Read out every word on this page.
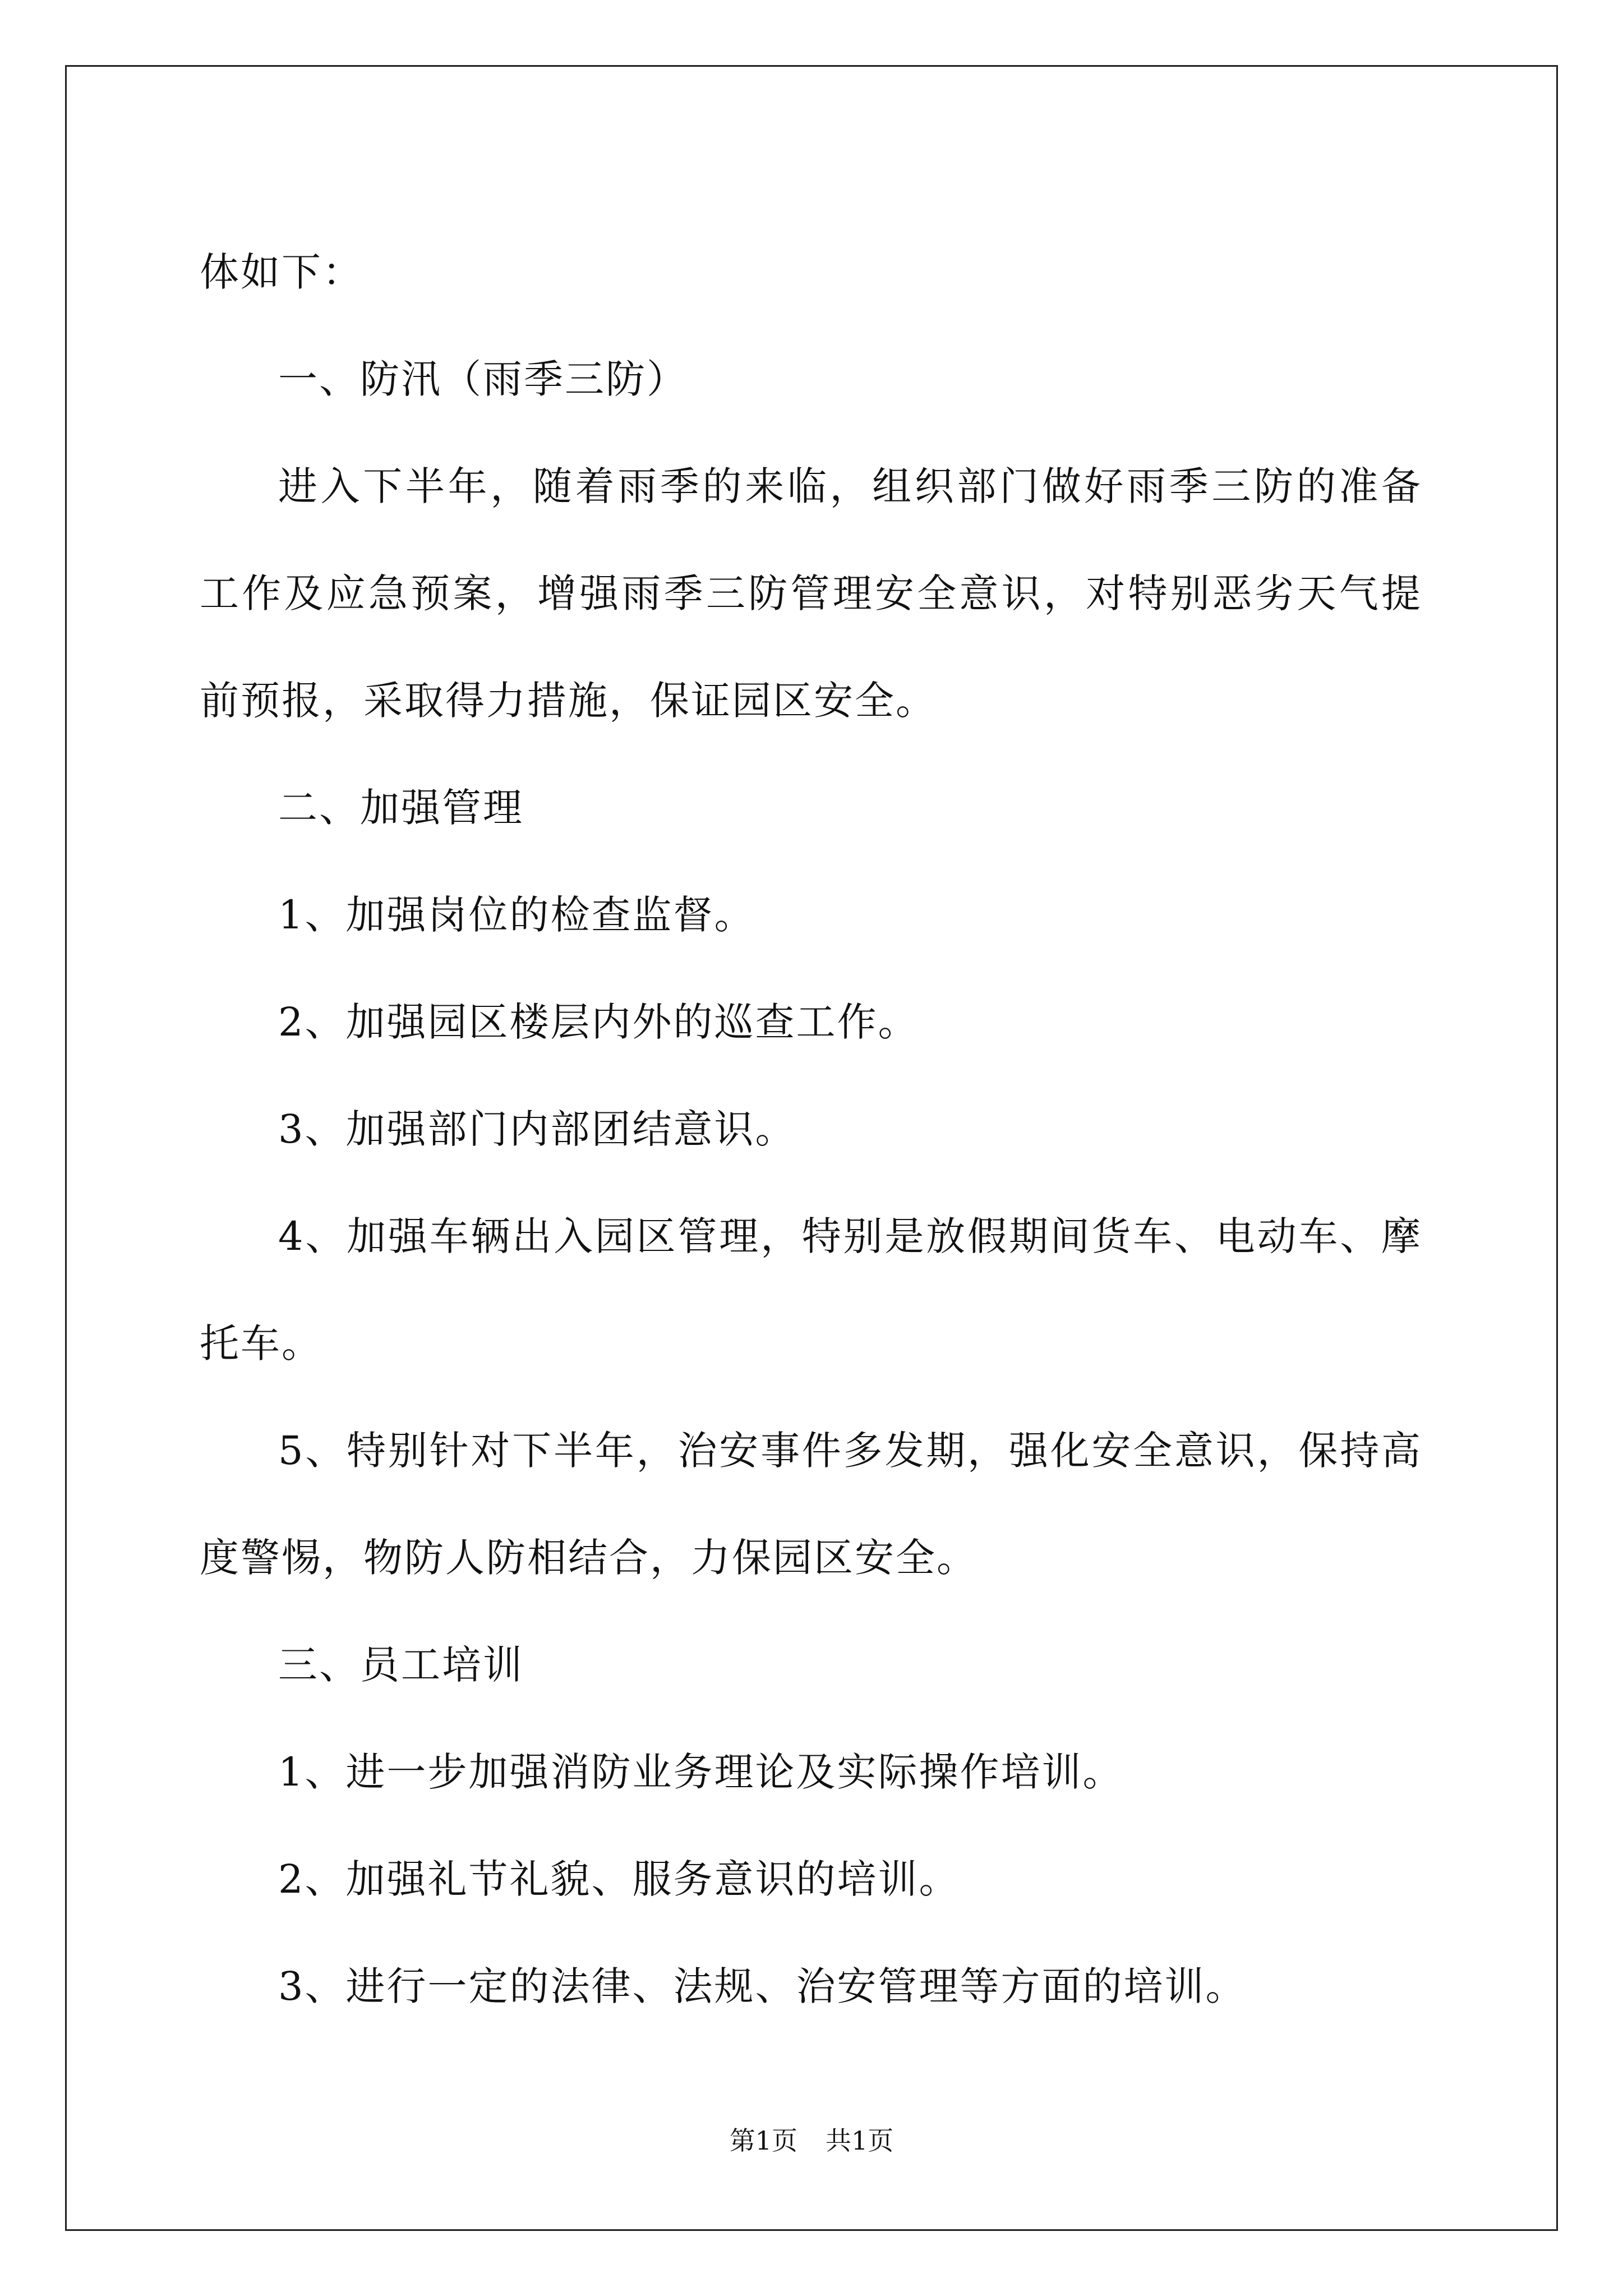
体如下：

一、防汛（雨季三防）

进入下半年，随着雨季的来临，组织部门做好雨季三防的准备工作及应急预案，增强雨季三防管理安全意识，对特别恶劣天气提前预报，采取得力措施，保证园区安全。

二、加强管理

1、加强岗位的检查监督。

2、加强园区楼层内外的巡查工作。

3、加强部门内部团结意识。

4、加强车辆出入园区管理，特别是放假期间货车、电动车、摩托车。

5、特别针对下半年，治安事件多发期，强化安全意识，保持高度警惕，物防人防相结合，力保园区安全。

三、员工培训

1、进一步加强消防业务理论及实际操作培训。

2、加强礼节礼貌、服务意识的培训。

3、进行一定的法律、法规、治安管理等方面的培训。

第1页 共1页
